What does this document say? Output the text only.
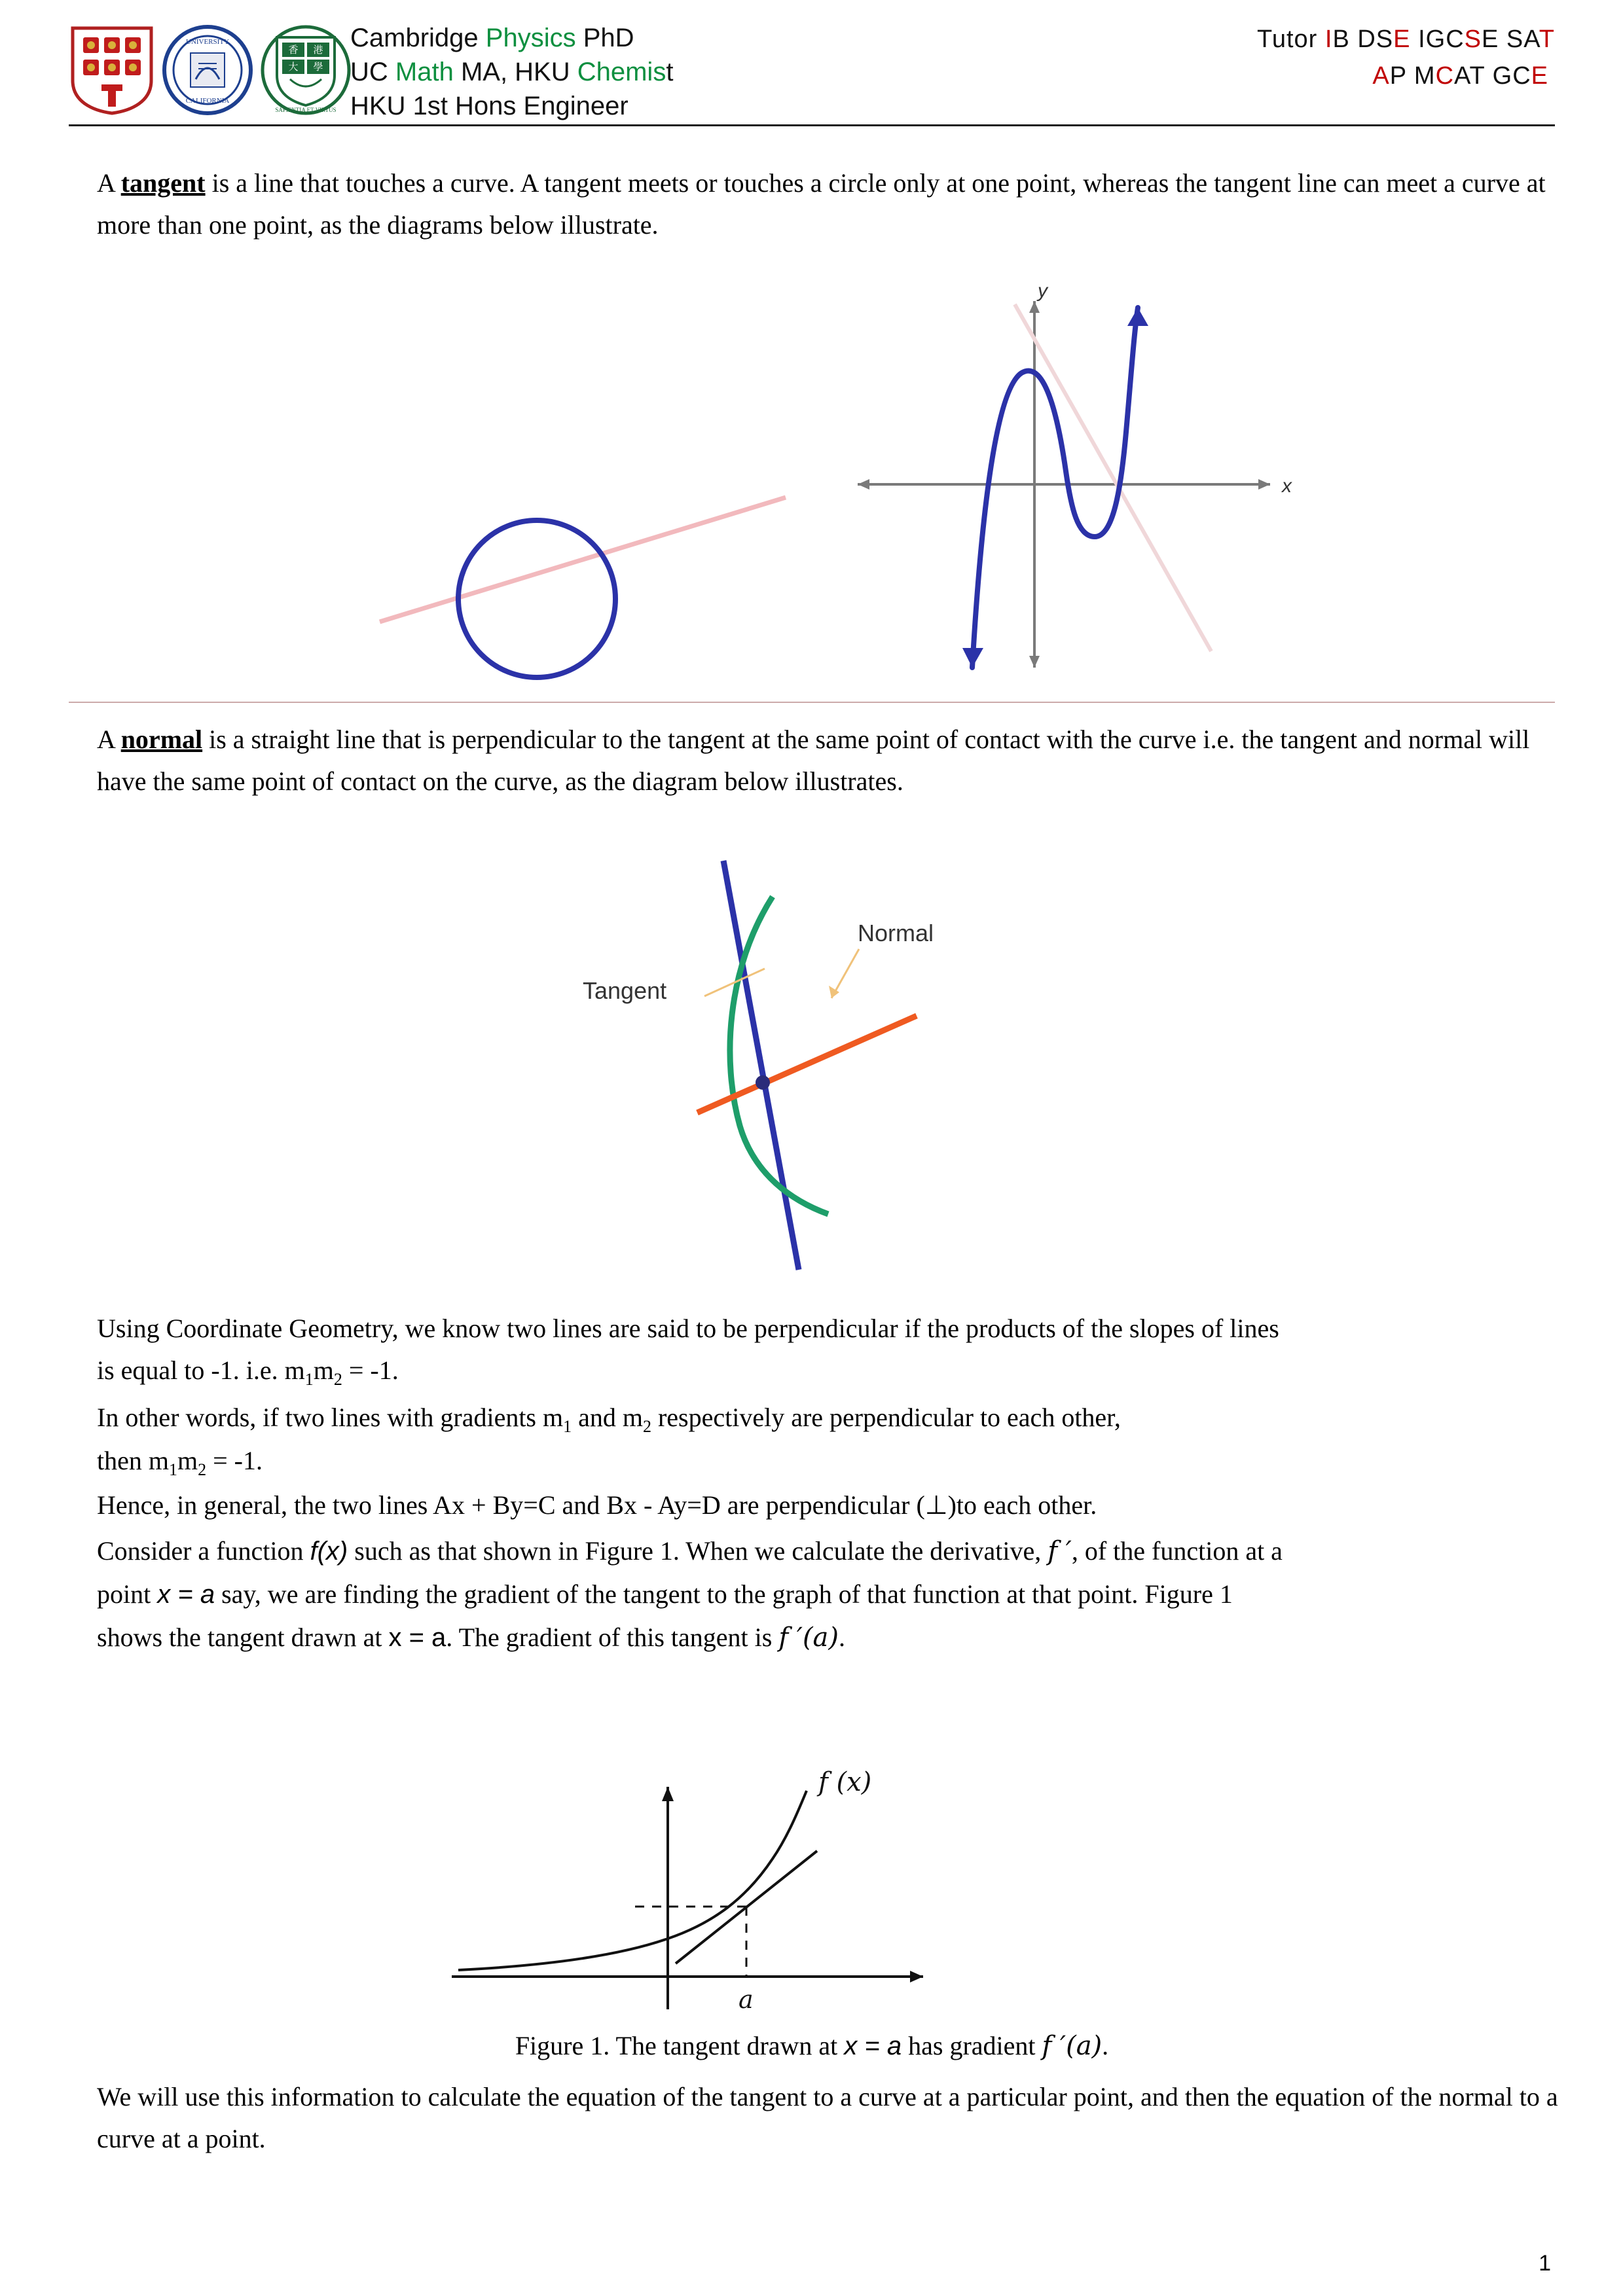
UNIVERSITY
CALIFORNIA
香 港
大 學
SAPIENTIA ET VIRTUS
Cambridge Physics PhD
UC Math MA, HKU Chemist
HKU 1st Hons Engineer
Tutor IB DSE IGCSE SAT
AP MCAT GCE
A tangent is a line that touches a curve. A tangent meets or touches a circle only at one point, whereas the tangent line can meet a curve at more than one point, as the diagrams below illustrate.
y
x
A normal is a straight line that is perpendicular to the tangent at the same point of contact with the curve i.e. the tangent and normal will have the same point of contact on the curve, as the diagram below illustrates.
Tangent
Normal
Using Coordinate Geometry, we know two lines are said to be perpendicular if the products of the slopes of lines
is equal to -1. i.e. $m_1m_2 = -1$.
In other words, if two lines with gradients $m_1$ and $m_2$ respectively are perpendicular to each other,
then $m_1m_2 = -1$.
Hence, in general, the two lines Ax + By=C and Bx - Ay=D are perpendicular (⊥)to each other.
Consider a function f(x) such as that shown in Figure 1. When we calculate the derivative, f ′, of the function at a
point x = a say, we are finding the gradient of the tangent to the graph of that function at that point. Figure 1
shows the tangent drawn at x = a. The gradient of this tangent is f ′(a).
f (x)
a
Figure 1. The tangent drawn at x = a has gradient f ′(a).
We will use this information to calculate the equation of the tangent to a curve at a particular point, and then the equation of the normal to a curve at a point.
1
